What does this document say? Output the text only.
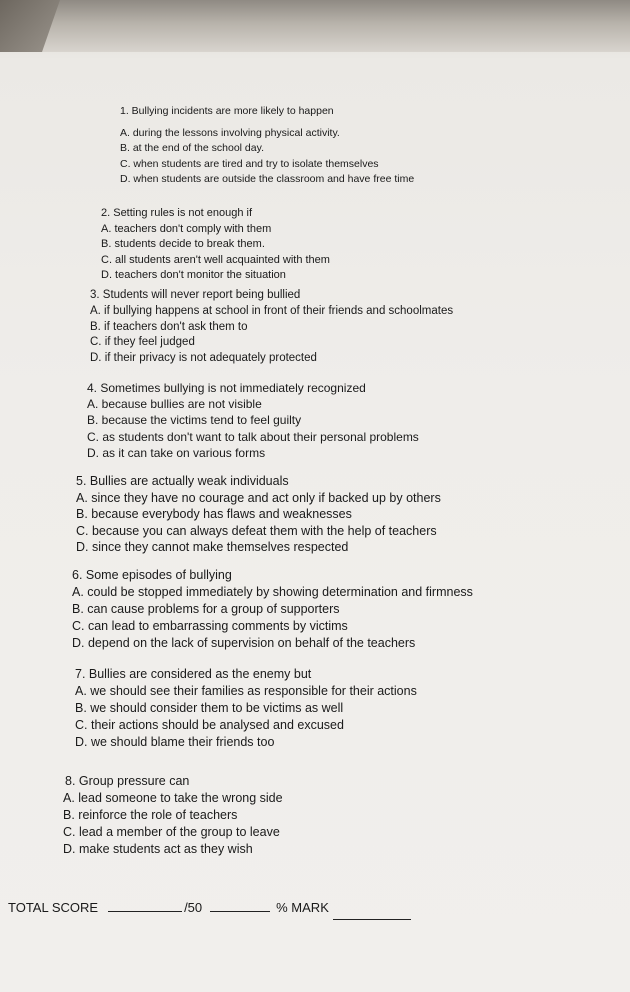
1. Bullying incidents are more likely to happen
A. during the lessons involving physical activity.
B. at the end of the school day.
C. when students are tired and try to isolate themselves
D. when students are outside the classroom and have free time
2. Setting rules is not enough if
A. teachers don't comply with them
B. students decide to break them.
C. all students aren't well acquainted with them
D. teachers don't monitor the situation
3. Students will never report being bullied
A. if bullying happens at school in front of their friends and schoolmates
B. if teachers don't ask them to
C. if they feel judged
D. if their privacy is not adequately protected
4. Sometimes bullying is not immediately recognized
A. because bullies are not visible
B. because the victims tend to feel guilty
C. as students don't want to talk about their personal problems
D. as it can take on various forms
5. Bullies are actually weak individuals
A. since they have no courage and act only if backed up by others
B. because everybody has flaws and weaknesses
C. because you can always defeat them with the help of teachers
D. since they cannot make themselves respected
6. Some episodes of bullying
A. could be stopped immediately by showing determination and firmness
B. can cause problems for a group of supporters
C. can lead to embarrassing comments by victims
D. depend on the lack of supervision on behalf of the teachers
7. Bullies are considered as the enemy but
A. we should see their families as responsible for their actions
B. we should consider them to be victims as well
C. their actions should be analysed and excused
D. we should blame their friends too
8. Group pressure can
A. lead someone to take the wrong side
B. reinforce the role of teachers
C. lead a member of the group to leave
D. make students act as they wish
TOTAL SCORE	/50	% MARK
